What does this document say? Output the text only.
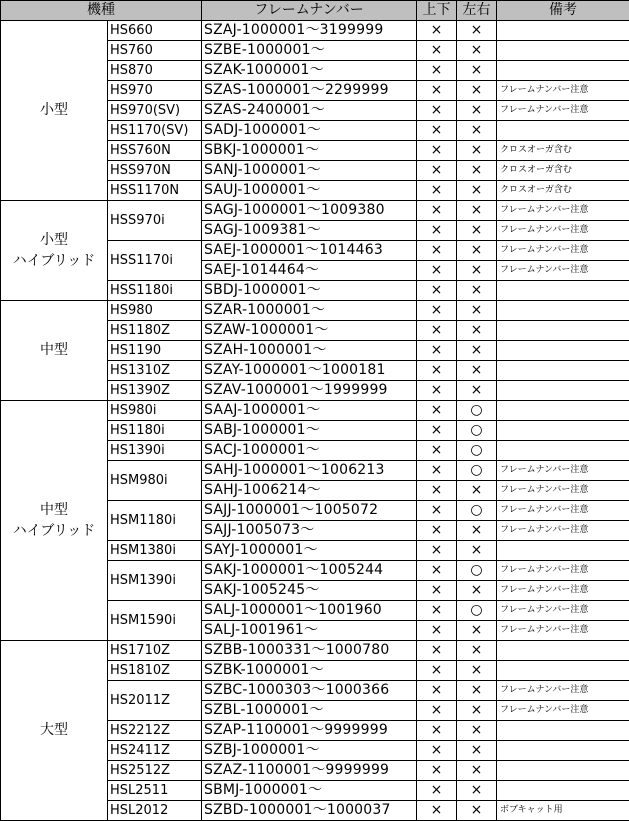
機種		フレームナンバー	上下	左右	備考
小型	HS660	SZAJ-1000001～3199999	×	×	
	HS760	SZBE-1000001～	×	×	
	HS870	SZAK-1000001～	×	×	
	HS970	SZAS-1000001～2299999	×	×	フレームナンバー注意
	HS970(SV)	SZAS-2400001～	×	×	フレームナンバー注意
	HS1170(SV)	SADJ-1000001～	×	×	
	HSS760N	SBKJ-1000001～	×	×	クロスオーガ含む
	HSS970N	SANJ-1000001～	×	×	クロスオーガ含む
	HSS1170N	SAUJ-1000001～	×	×	クロスオーガ含む
小型
ハイブリッド	HSS970i	SAGJ-1000001～1009380	×	×	フレームナンバー注意
		SAGJ-1009381～	×	×	フレームナンバー注意
	HSS1170i	SAEJ-1000001～1014463	×	×	フレームナンバー注意
		SAEJ-1014464～	×	×	フレームナンバー注意
	HSS1180i	SBDJ-1000001～	×	×	
中型	HS980	SZAR-1000001～	×	×	
	HS1180Z	SZAW-1000001～	×	×	
	HS1190	SZAH-1000001～	×	×	
	HS1310Z	SZAY-1000001～1000181	×	×	
	HS1390Z	SZAV-1000001～1999999	×	×	
中型
ハイブリッド	HS980i	SAAJ-1000001～	×	○	
	HS1180i	SABJ-1000001～	×	○	
	HS1390i	SACJ-1000001～	×	○	
	HSM980i	SAHJ-1000001～1006213	×	○	フレームナンバー注意
		SAHJ-1006214～	×	×	フレームナンバー注意
	HSM1180i	SAJJ-1000001～1005072	×	○	フレームナンバー注意
		SAJJ-1005073～	×	×	フレームナンバー注意
	HSM1380i	SAYJ-1000001～	×	×	
	HSM1390i	SAKJ-1000001～1005244	×	○	フレームナンバー注意
		SAKJ-1005245～	×	×	フレームナンバー注意
	HSM1590i	SALJ-1000001～1001960	×	○	フレームナンバー注意
		SALJ-1001961～	×	×	フレームナンバー注意
大型	HS1710Z	SZBB-1000331～1000780	×	×	
	HS1810Z	SZBK-1000001～	×	×	
	HS2011Z	SZBC-1000303～1000366	×	×	フレームナンバー注意
		SZBL-1000001～	×	×	フレームナンバー注意
	HS2212Z	SZAP-1100001～9999999	×	×	
	HS2411Z	SZBJ-1000001～	×	×	
	HS2512Z	SZAZ-1100001～9999999	×	×	
	HSL2511	SBMJ-1000001～	×	×	
	HSL2012	SZBD-1000001～1000037	×	×	ボブキャット用
